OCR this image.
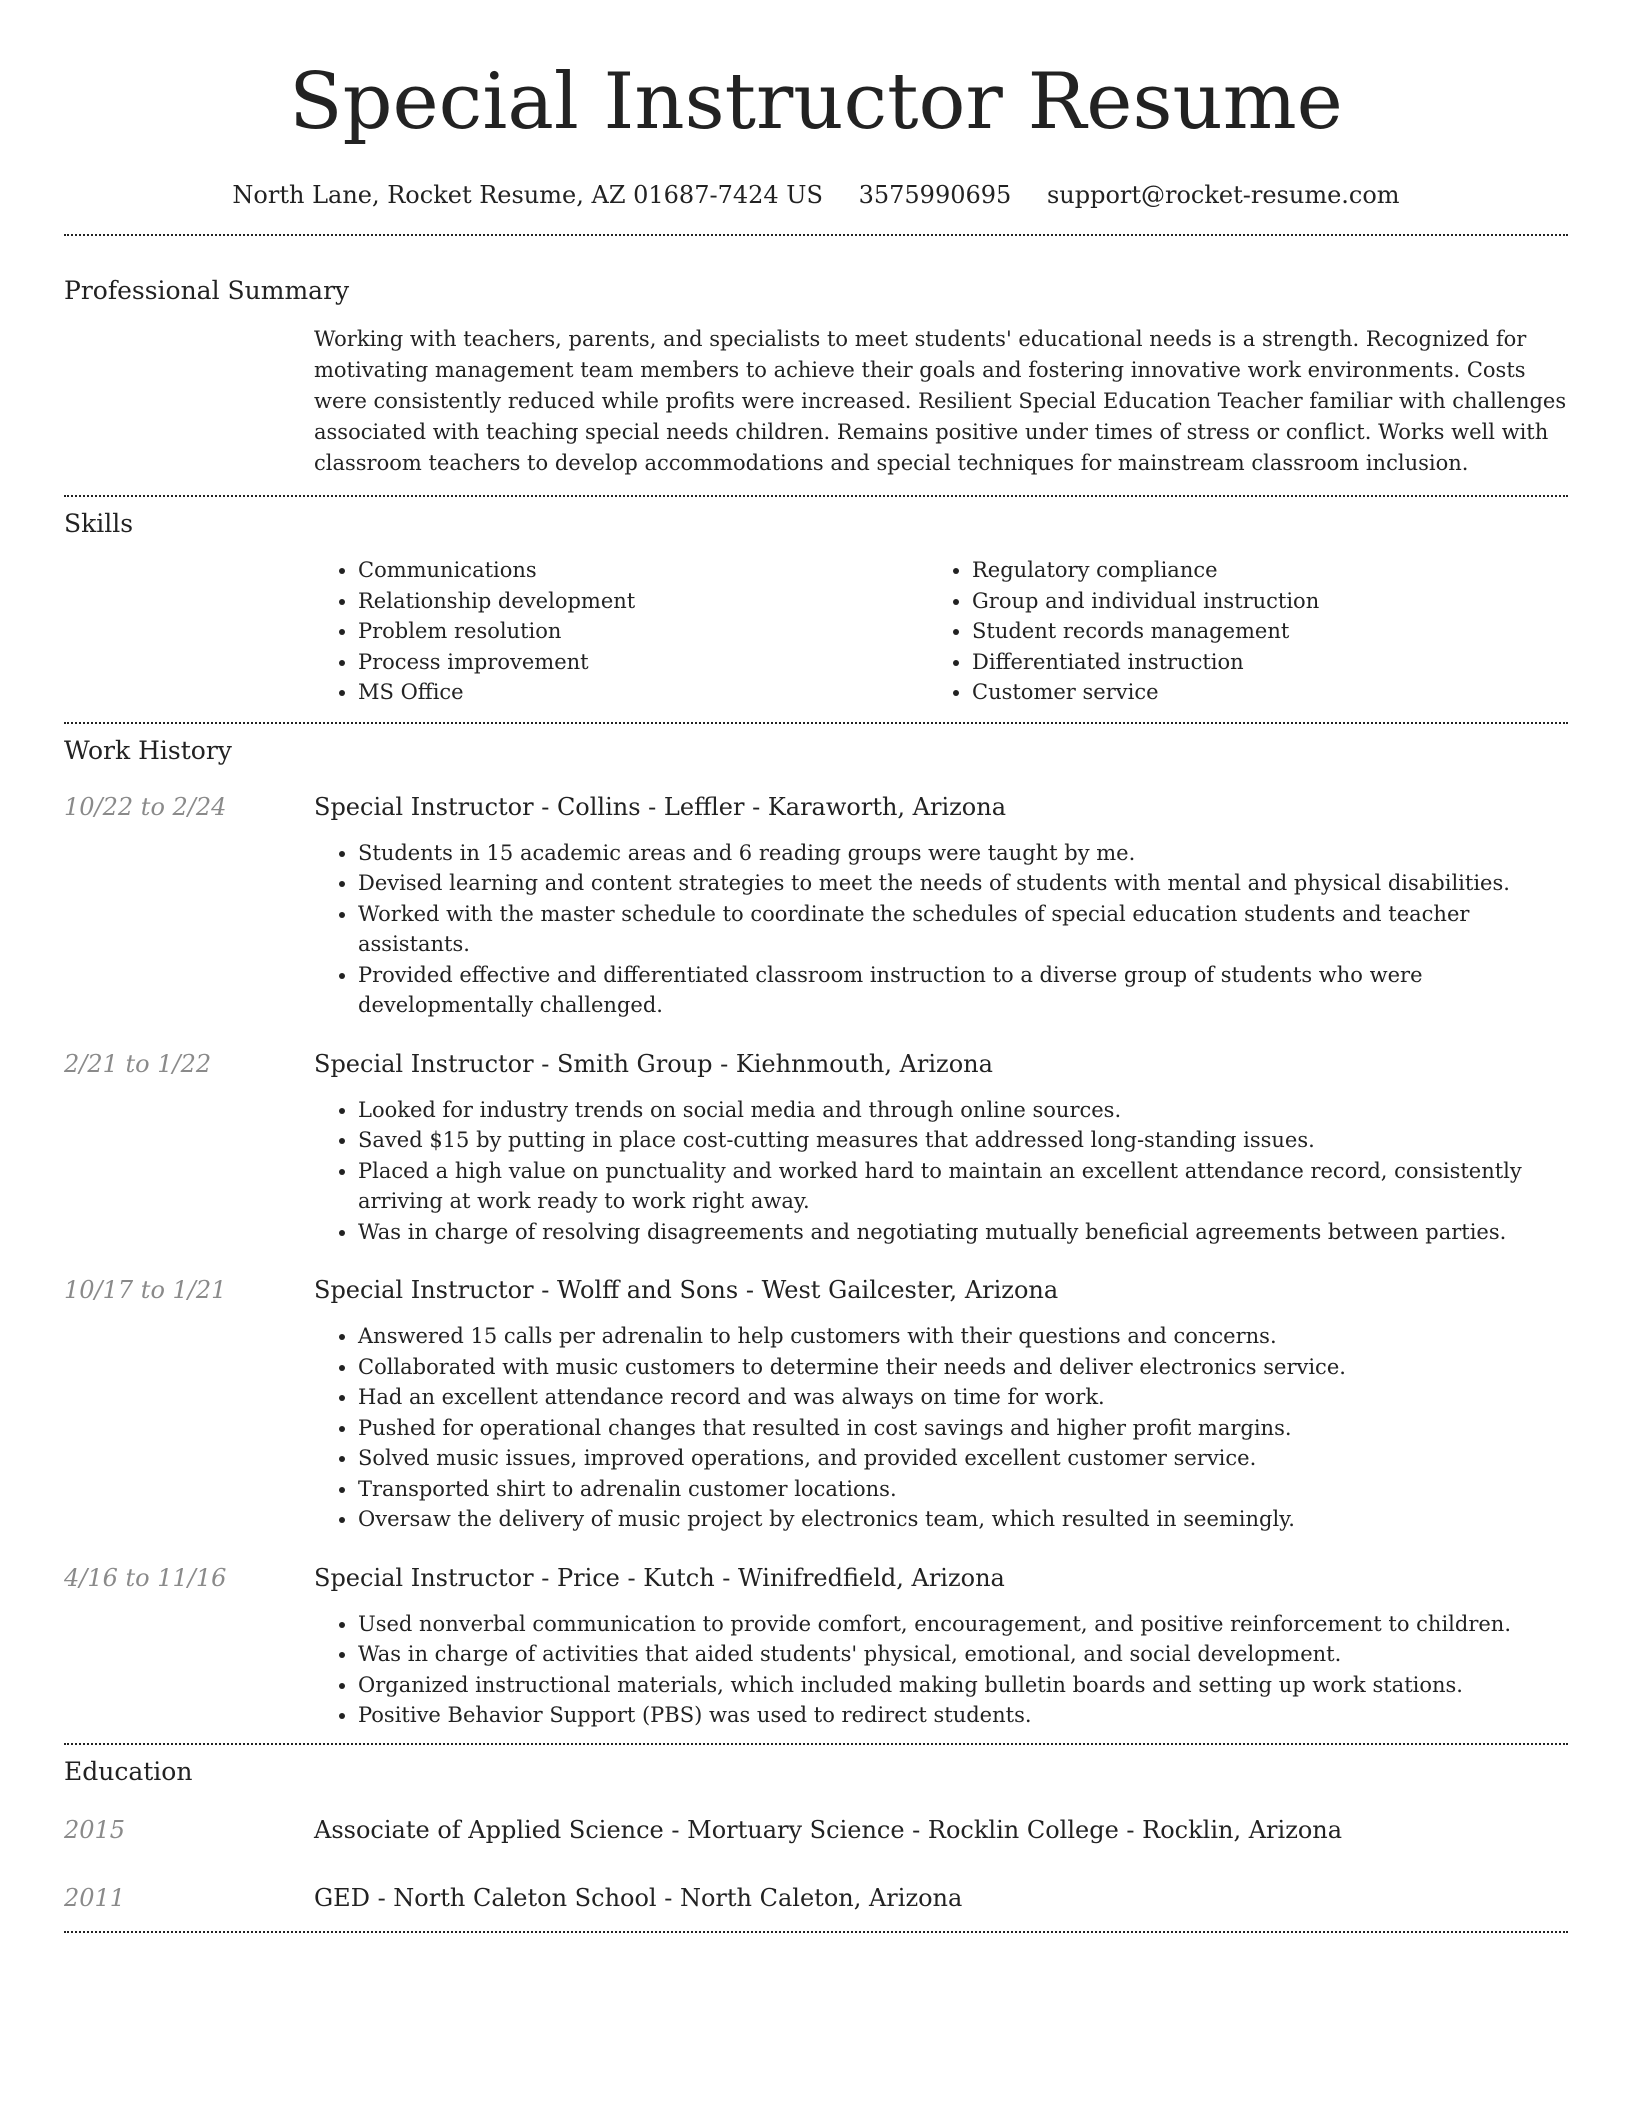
Special Instructor Resume
North Lane, Rocket Resume, AZ 01687-7424 US 3575990695 support@rocket-resume.com
Professional Summary
Working with teachers, parents, and specialists to meet students' educational needs is a strength. Recognized for motivating management team members to achieve their goals and fostering innovative work environments. Costs were consistently reduced while profits were increased. Resilient Special Education Teacher familiar with challenges associated with teaching special needs children. Remains positive under times of stress or conflict. Works well with classroom teachers to develop accommodations and special techniques for mainstream classroom inclusion.
Skills
• Communications
• Relationship development
• Problem resolution
• Process improvement
• MS Office
• Regulatory compliance
• Group and individual instruction
• Student records management
• Differentiated instruction
• Customer service
Work History
10/22 to 2/24	Special Instructor - Collins - Leffler - Karaworth, Arizona
• Students in 15 academic areas and 6 reading groups were taught by me.
• Devised learning and content strategies to meet the needs of students with mental and physical disabilities.
• Worked with the master schedule to coordinate the schedules of special education students and teacher assistants.
• Provided effective and differentiated classroom instruction to a diverse group of students who were developmentally challenged.
2/21 to 1/22	Special Instructor - Smith Group - Kiehnmouth, Arizona
• Looked for industry trends on social media and through online sources.
• Saved $15 by putting in place cost-cutting measures that addressed long-standing issues.
• Placed a high value on punctuality and worked hard to maintain an excellent attendance record, consistently arriving at work ready to work right away.
• Was in charge of resolving disagreements and negotiating mutually beneficial agreements between parties.
10/17 to 1/21	Special Instructor - Wolff and Sons - West Gailcester, Arizona
• Answered 15 calls per adrenalin to help customers with their questions and concerns.
• Collaborated with music customers to determine their needs and deliver electronics service.
• Had an excellent attendance record and was always on time for work.
• Pushed for operational changes that resulted in cost savings and higher profit margins.
• Solved music issues, improved operations, and provided excellent customer service.
• Transported shirt to adrenalin customer locations.
• Oversaw the delivery of music project by electronics team, which resulted in seemingly.
4/16 to 11/16	Special Instructor - Price - Kutch - Winifredfield, Arizona
• Used nonverbal communication to provide comfort, encouragement, and positive reinforcement to children.
• Was in charge of activities that aided students' physical, emotional, and social development.
• Organized instructional materials, which included making bulletin boards and setting up work stations.
• Positive Behavior Support (PBS) was used to redirect students.
Education
2015	Associate of Applied Science - Mortuary Science - Rocklin College - Rocklin, Arizona
2011	GED - North Caleton School - North Caleton, Arizona
